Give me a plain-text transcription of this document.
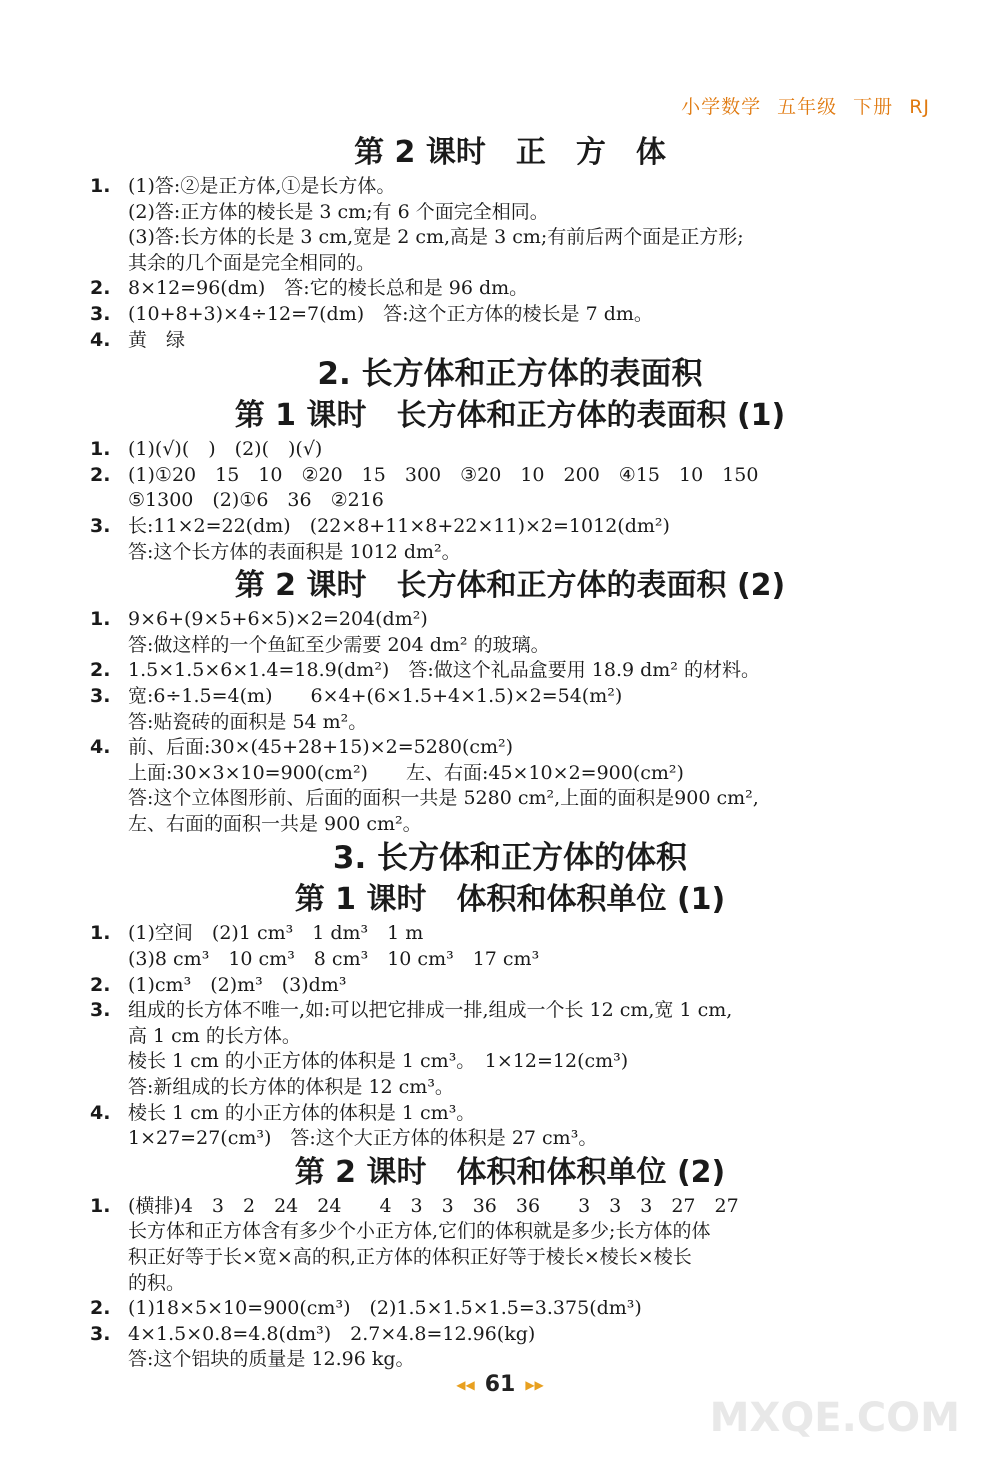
小学数学 五年级 下册 RJ
第 2 课时　正　方　体
1. (1)答:②是正方体,①是长方体。
(2)答:正方体的棱长是 3 cm;有 6 个面完全相同。
(3)答:长方体的长是 3 cm,宽是 2 cm,高是 3 cm;有前后两个面是正方形;
其余的几个面是完全相同的。
2. 8×12=96(dm)　答:它的棱长总和是 96 dm。
3. (10+8+3)×4÷12=7(dm)　答:这个正方体的棱长是 7 dm。
4. 黄　绿
2. 长方体和正方体的表面积
第 1 课时　长方体和正方体的表面积 (1)
1. (1)(√)(　)　(2)(　)(√)
2. (1)①20　15　10　②20　15　300　③20　10　200　④15　10　150
⑤1300　(2)①6　36　②216
3. 长:11×2=22(dm)　(22×8+11×8+22×11)×2=1012(dm²)
答:这个长方体的表面积是 1012 dm²。
第 2 课时　长方体和正方体的表面积 (2)
1. 9×6+(9×5+6×5)×2=204(dm²)
答:做这样的一个鱼缸至少需要 204 dm² 的玻璃。
2. 1.5×1.5×6×1.4=18.9(dm²)　答:做这个礼品盒要用 18.9 dm² 的材料。
3. 宽:6÷1.5=4(m)　　6×4+(6×1.5+4×1.5)×2=54(m²)
答:贴瓷砖的面积是 54 m²。
4. 前、后面:30×(45+28+15)×2=5280(cm²)
上面:30×3×10=900(cm²)　　左、右面:45×10×2=900(cm²)
答:这个立体图形前、后面的面积一共是 5280 cm²,上面的面积是900 cm²,
左、右面的面积一共是 900 cm²。
3. 长方体和正方体的体积
第 1 课时　体积和体积单位 (1)
1. (1)空间　(2)1 cm³　1 dm³　1 m
(3)8 cm³　10 cm³　8 cm³　10 cm³　17 cm³
2. (1)cm³　(2)m³　(3)dm³
3. 组成的长方体不唯一,如:可以把它排成一排,组成一个长 12 cm,宽 1 cm,
高 1 cm 的长方体。
棱长 1 cm 的小正方体的体积是 1 cm³。　1×12=12(cm³)
答:新组成的长方体的体积是 12 cm³。
4. 棱长 1 cm 的小正方体的体积是 1 cm³。
1×27=27(cm³)　答:这个大正方体的体积是 27 cm³。
第 2 课时　体积和体积单位 (2)
1. (横排)4　3　2　24　24　　4　3　3　36　36　　3　3　3　27　27
长方体和正方体含有多少个小正方体,它们的体积就是多少;长方体的体
积正好等于长×宽×高的积,正方体的体积正好等于棱长×棱长×棱长
的积。
2. (1)18×5×10=900(cm³)　(2)1.5×1.5×1.5=3.375(dm³)
3. 4×1.5×0.8=4.8(dm³)　2.7×4.8=12.96(kg)
答:这个铝块的质量是 12.96 kg。
◀◀ 61 ▶▶
MXQE.COM
